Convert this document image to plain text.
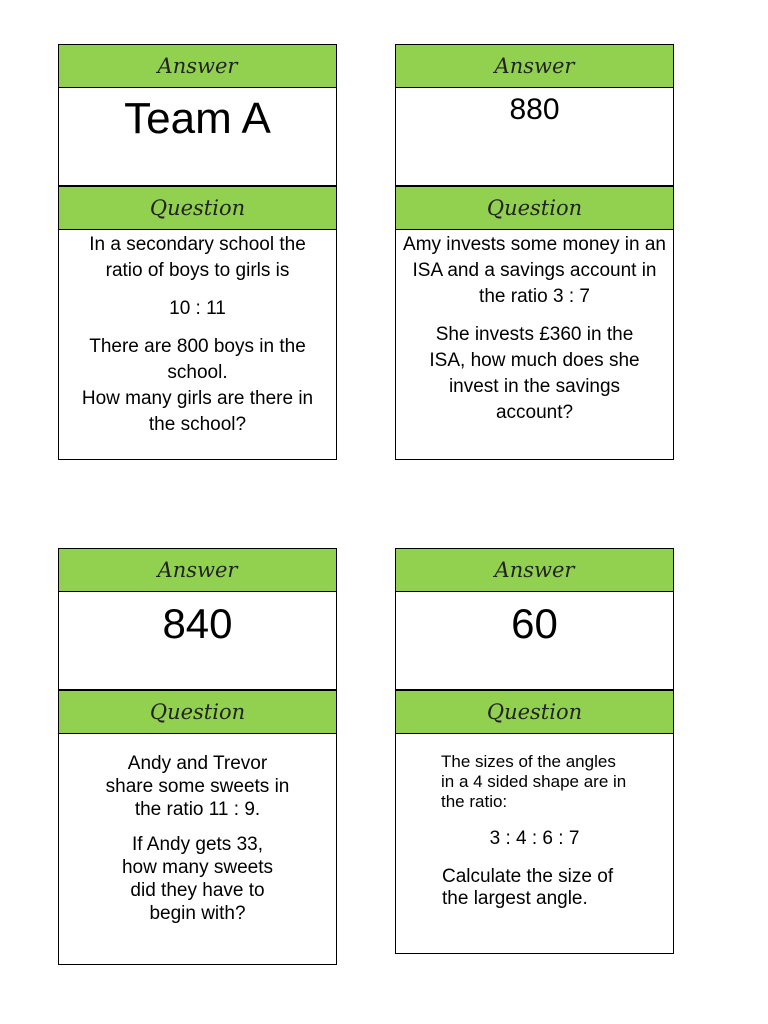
Answer
Team A
Question

In a secondary school the ratio of boys to girls is

10 : 11

There are 800 boys in the school.

How many girls are there in the school?

Answer
880
Question

Amy invests some money in an ISA and a savings account in the ratio 3 : 7

She invests £360 in the ISA, how much does she invest in the savings account?

Answer
840
Question

Andy and Trevor share some sweets in the ratio 11 : 9.

If Andy gets 33, how many sweets did they have to begin with?

Answer
60
Question

The sizes of the angles in a 4 sided shape are in the ratio:

3 : 4 : 6 : 7

Calculate the size of the largest angle.
